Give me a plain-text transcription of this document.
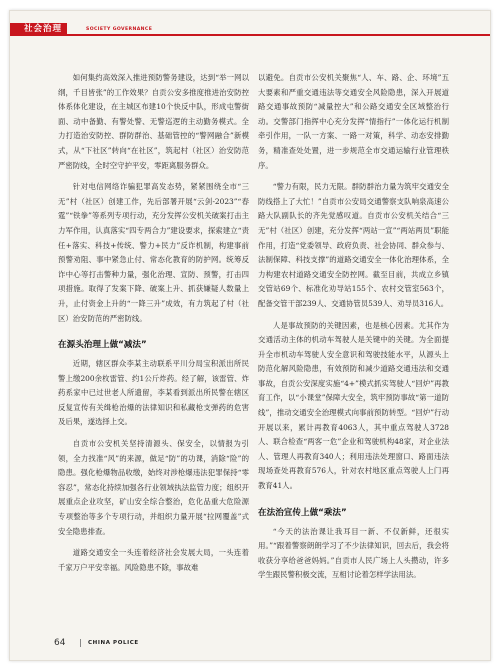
社会治理	SOCIETY GOVERNANCE

如何集约高效深入推进预防警务建设，达到“举一网以纲，千目皆张”的工作效果？自贡公安多推度推进治安防控体系体化建设，在主城区布建10个快反中队，形成屯警街面、动中备勤、有警处警、无警巡逻的主动勤务模式。全力打造治安防控、群防群治、基础管控的“警网融合”新模式，从“下社区”转向“在社区”，筑起村（社区）治安防范严密防线，全时空守护平安，零距离服务群众。

针对电信网络诈骗犯罪高发态势，紧紧围绕全市“三无”村（社区）创建工作，先后部署开展“云剑-2023”“春霆”“铁拳”等系列专项行动，充分发挥公安机关破案打击主力军作用，认真落实“四专两合力”建设要求，探索建立“责任+落实、科技+传统、警力+民力”反诈机制，构建事前预警劝阻、事中紧急止付、常态化教育的防护网。统筹反诈中心等打击警种力量，强化治理、宣防、预警，打击四项措施。取得了发案下降、破案上升、抓获嫌疑人数量上升，止付资金上升的“一降三升”成效，有力筑起了村（社区）治安防范的严密防线。

在源头治理上做“减法”

近期，辖区群众李某主动联系平川分局宝积派出所民警上缴200余枚雷管、约1公斤炸药。经了解，该雷管、炸药系家中已过世老人所遗留，李某看到派出所民警在辖区反复宣传有关缉枪治爆的法律知识和私藏枪支弹药的危害及后果，遂选择上交。

自贡市公安机关坚持清源头、保安全，以情报为引领，全力找准“风”的来源，做足“防”的功课，消除“险”的隐患。强化枪爆物品收缴，始终对涉枪爆违法犯罪保持“零容忍”，常态化持续加强各行业领域执法监管力度；组织开展重点企业攻坚，矿山安全综合整治，危化品重大危险源专项整治等多个专项行动，并组织力量开展“拉网覆盖”式安全隐患排查。

道路交通安全一头连着经济社会发展大局，一头连着千家万户平安幸福。风险隐患不除，事故难

以避免。自贡市公安机关聚焦“人、车、路、企、环境”五大要素和严重交通违法等交通安全风险隐患，深入开展道路交通事故预防“减量控大”和公路交通安全区域整治行动。交警部门指挥中心充分发挥“情指行”一体化运行机制牵引作用，一队一方案、一路一对策，科学、动态安排勤务，精准查处处置，进一步规范全市交通运输行业管理秩序。

“警力有限，民力无限。群防群治力量为筑牢交通安全防线搭上了大忙！”自贡市公安局交通警察支队响泉高速公路大队副队长的齐先觉感叹道。自贡市公安机关结合“三无”村（社区）创建，充分发挥“两站一宣”“两站两员”职能作用，打造“党委领导、政府负责、社会协同、群众参与、法制保障、科技支撑”的道路交通安全一体化治理体系，全力构建农村道路交通安全防控网。截至目前，共成立乡镇交管站69个、标准化劝导站155个、农村交管室563个，配备交管干部239人、交通协管员539人、劝导员316人。

人是事故预防的关键因素，也是核心因素。尤其作为交通活动主体的机动车驾驶人是关键中的关键。为全面提升全市机动车驾驶人安全意识和驾驶技能水平，从源头上防范化解风险隐患，有效预防和减少道路交通违法和交通事故，自贡公安深度实施“4+”模式抓实驾驶人“回炉”再教育工作，以“小课堂”保障大安全，筑牢预防事故“第一道防线”，推动交通安全治理模式向事前预防转型。“回炉”行动开展以来，累计再教育4063人，其中重点驾驶人3728人、联合检查“两客一危”企业和驾驶机构48家，对企业法人、管理人再教育340人；利用违法处理窗口、路面违法现场查处再教育576人，针对农村地区重点驾驶人上门再教育41人。

在法治宣传上做“乘法”

“今天的法治课让我耳目一新、不仅新鲜，还很实用。”“跟着警察朗朗学习了不少法律知识，回去后，我会将收获分享给爸爸妈妈。”自贡市人民广场上人头攒动，许多学生跟民警积极交流，互相讨论着怎样学法用法。

64	CHINA POLICE
